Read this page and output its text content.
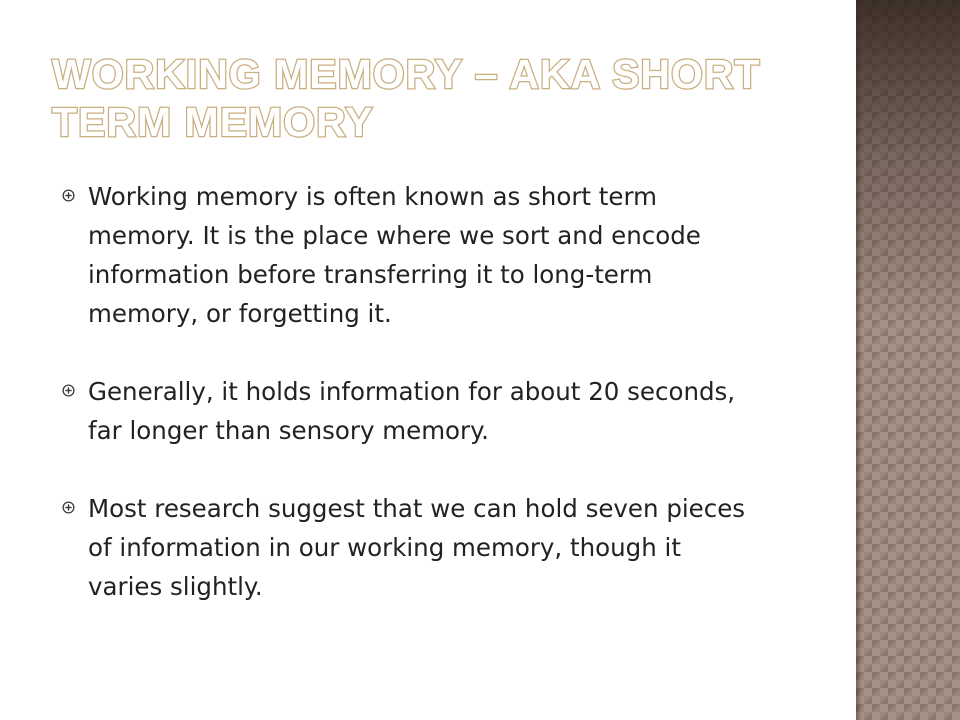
WORKING MEMORY – AKA SHORT TERM MEMORY
Working memory is often known as short term memory. It is the place where we sort and encode information before transferring it to long-term memory, or forgetting it.
Generally, it holds information for about 20 seconds, far longer than sensory memory.
Most research suggest that we can hold seven pieces of information in our working memory, though it varies slightly.
